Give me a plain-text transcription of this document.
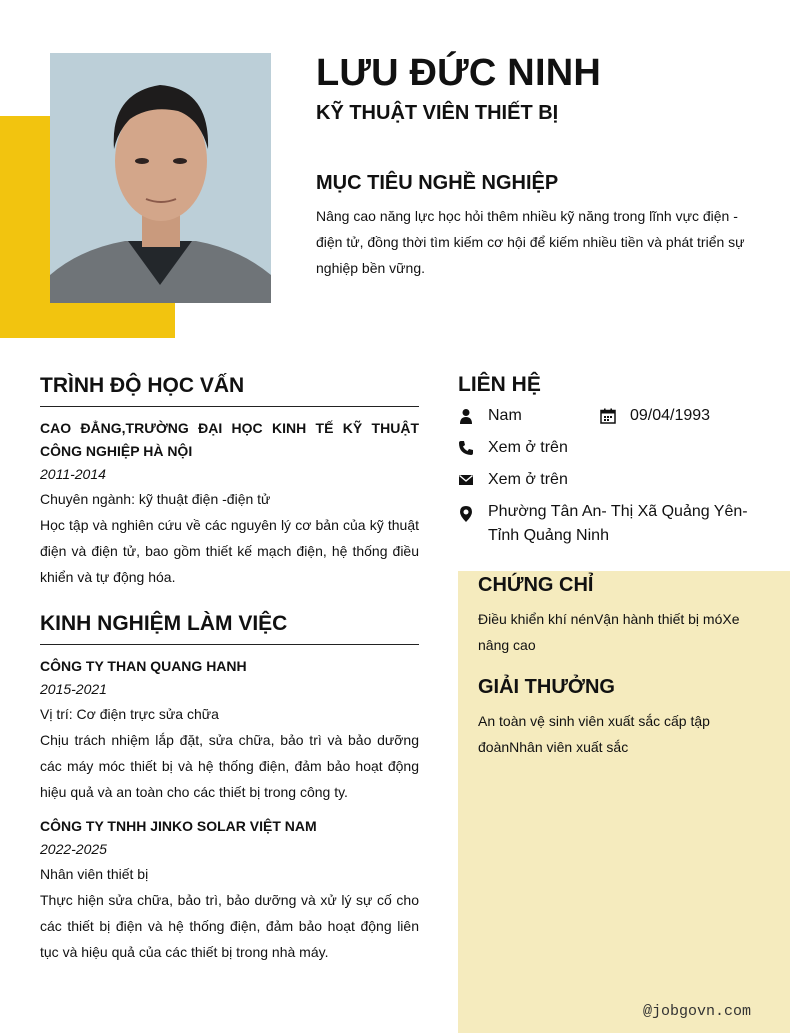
LƯU ĐỨC NINH
KỸ THUẬT VIÊN THIẾT BỊ
MỤC TIÊU NGHỀ NGHIỆP
Nâng cao năng lực học hỏi thêm nhiều kỹ năng trong lĩnh vực điện - điện tử, đồng thời tìm kiếm cơ hội để kiếm nhiều tiền và phát triển sự nghiệp bền vững.
TRÌNH ĐỘ HỌC VẤN
CAO ĐẲNG,TRƯỜNG ĐẠI HỌC KINH TẾ KỸ THUẬT CÔNG NGHIỆP HÀ NỘI
2011-2014
Chuyên ngành: kỹ thuật điện -điện tử
Học tập và nghiên cứu về các nguyên lý cơ bản của kỹ thuật điện và điện tử, bao gồm thiết kế mạch điện, hệ thống điều khiển và tự động hóa.
KINH NGHIỆM LÀM VIỆC
CÔNG TY THAN QUANG HANH
2015-2021
Vị trí: Cơ điện trực sửa chữa
Chịu trách nhiệm lắp đặt, sửa chữa, bảo trì và bảo dưỡng các máy móc thiết bị và hệ thống điện, đảm bảo hoạt động hiệu quả và an toàn cho các thiết bị trong công ty.
CÔNG TY TNHH JINKO SOLAR VIỆT NAM
2022-2025
Nhân viên thiết bị
Thực hiện sửa chữa, bảo trì, bảo dưỡng và xử lý sự cố cho các thiết bị điện và hệ thống điện, đảm bảo hoạt động liên tục và hiệu quả của các thiết bị trong nhà máy.
LIÊN HỆ
Nam	09/04/1993
Xem ở trên
Xem ở trên
Phường Tân An- Thị Xã Quảng Yên- Tỉnh Quảng Ninh
CHỨNG CHỈ
Điều khiển khí nénVận hành thiết bị móXe nâng cao
GIẢI THƯỞNG
An toàn vệ sinh viên xuất sắc cấp tập đoànNhân viên xuất sắc
@jobgovn.com
